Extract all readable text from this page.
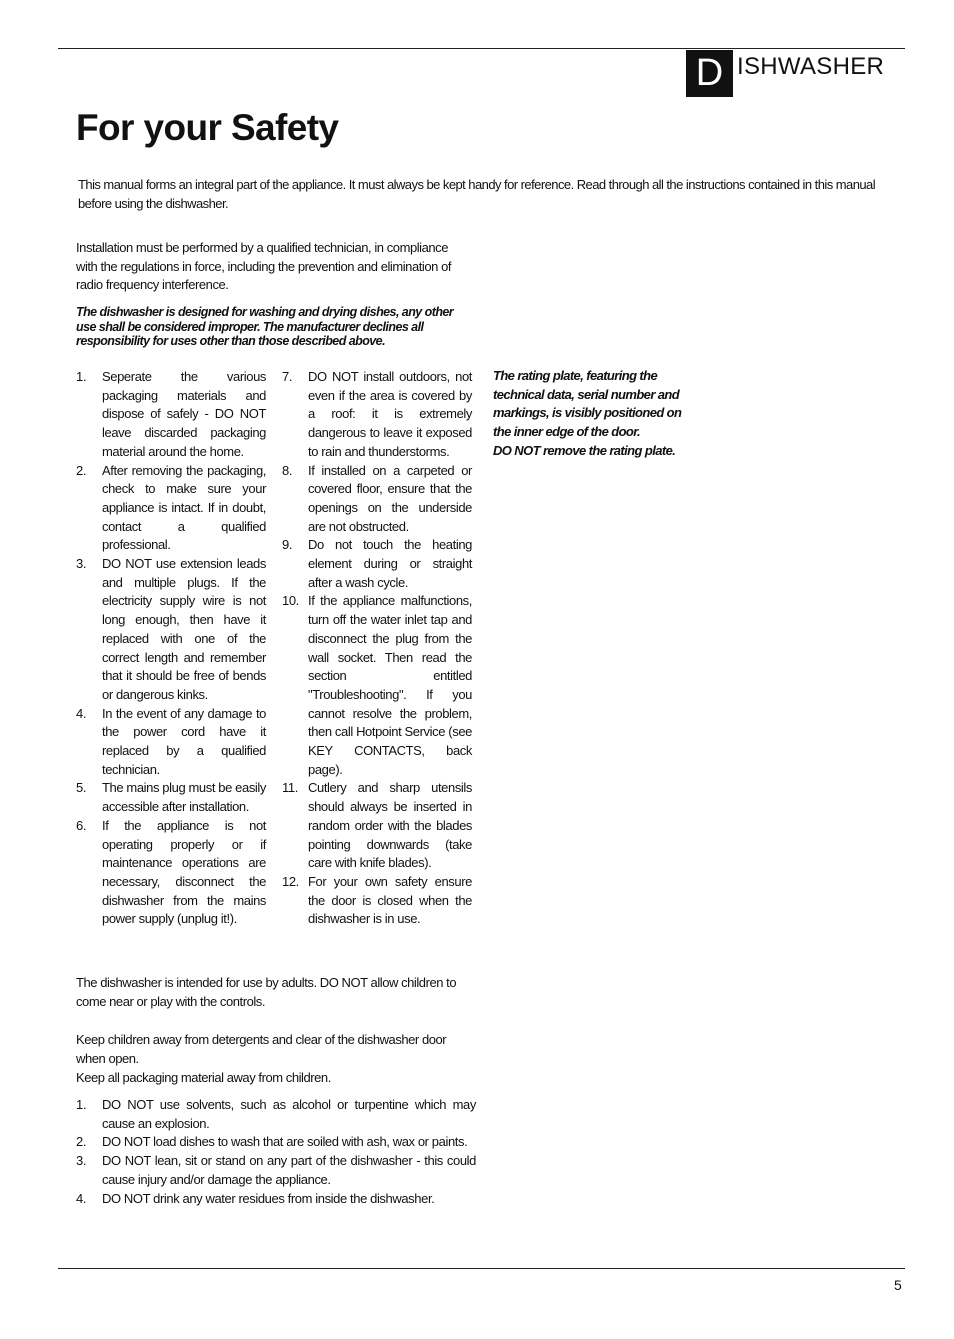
D ISHWASHER
For your Safety

This manual forms an integral part of the appliance. It must always be kept handy for reference. Read through all the instructions contained in this manual before using the dishwasher.

Installation must be performed by a qualified technician, in compliance with the regulations in force, including the prevention and elimination of radio frequency interference.

The dishwasher is designed for washing and drying dishes, any other use shall be considered improper. The manufacturer declines all responsibility for uses other than those described above.

1.	Seperate the various packaging materials and dispose of safely - DO NOT leave discarded packaging material around the home.
2.	After removing the packaging, check to make sure your appliance is intact. If in doubt, contact a qualified professional.
3.	DO NOT use extension leads and multiple plugs. If the electricity supply wire is not long enough, then have it replaced with one of the correct length and remember that it should be free of bends or dangerous kinks.
4.	In the event of any damage to the power cord have it replaced by a qualified technician.
5.	The mains plug must be easily accessible after installation.
6.	If the appliance is not operating properly or if maintenance operations are necessary, disconnect the dishwasher from the mains power supply (unplug it!).
7.	DO NOT install outdoors, not even if the area is covered by a roof: it is extremely dangerous to leave it exposed to rain and thunderstorms.
8.	If installed on a carpeted or covered floor, ensure that the openings on the underside are not obstructed.
9.	Do not touch the heating element during or straight after a wash cycle.
10. If the appliance malfunctions, turn off the water inlet tap and disconnect the plug from the wall socket. Then read the section entitled "Troubleshooting". If you cannot resolve the problem, then call Hotpoint Service (see KEY CONTACTS, back page).
11. Cutlery and sharp utensils should always be inserted in random order with the blades pointing downwards (take care with knife blades).
12. For your own safety ensure the door is closed when the dishwasher is in use.
The rating plate, featuring the technical data, serial number and markings, is visibly positioned on the inner edge of the door.
DO NOT remove the rating plate.

The dishwasher is intended for use by adults. DO NOT allow children to come near or play with the controls.

Keep children away from detergents and clear of the dishwasher door when open.
Keep all packaging material away from children.
1.	DO NOT use solvents, such as alcohol or turpentine which may cause an explosion.
2.	DO NOT load dishes to wash that are soiled with ash, wax or paints.
3.	DO NOT lean, sit or stand on any part of the dishwasher - this could cause injury and/or damage the appliance.
4.	DO NOT drink any water residues from inside the dishwasher.
5
